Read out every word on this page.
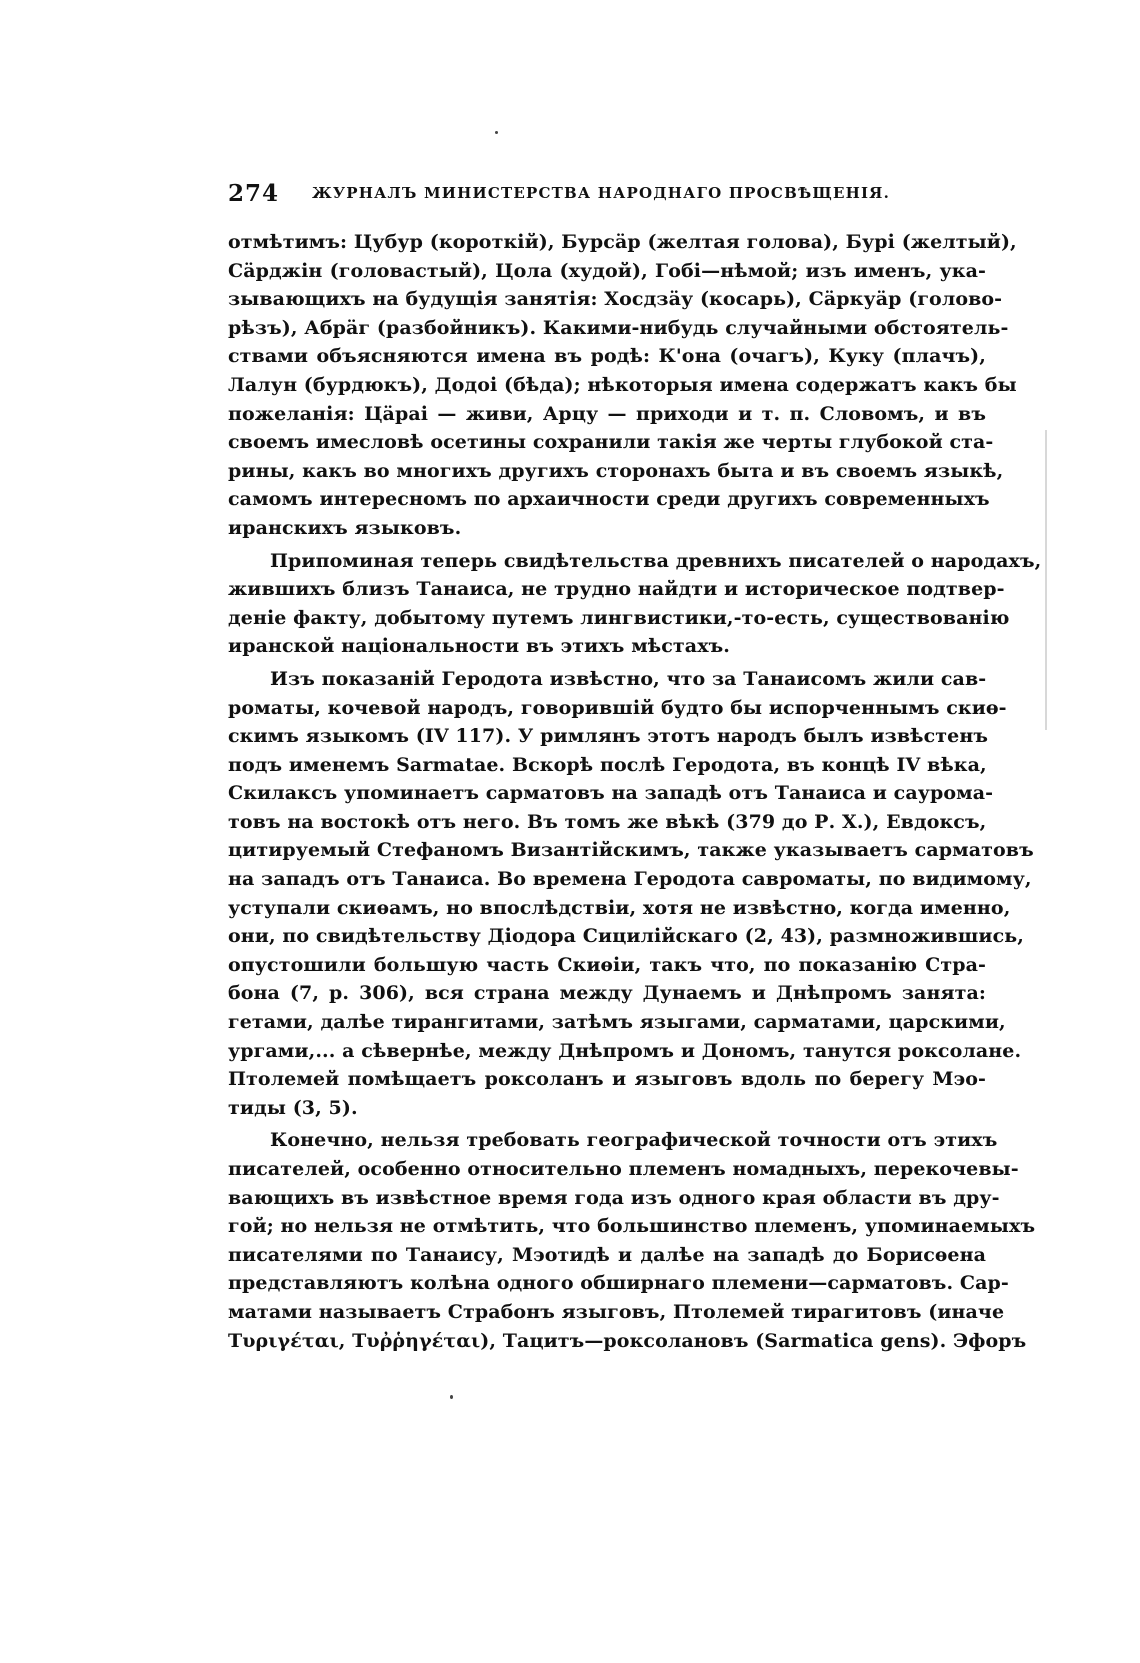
274 ЖУРНАЛЪ МИНИСТЕРСТВА НАРОДНАГО ПРОСВѢЩЕНІЯ.
отмѣтимъ: Цубур (короткій), Бурсӓр (желтая голова), Бурі (желтый),
Сӓрджін (головастый), Цола (худой), Гобі—нѣмой; изъ именъ, ука-
зывающихъ на будущія занятія: Хосдзӓу (косарь), Сӓркуӓр (голово-
рѣзъ), Абрӓг (разбойникъ). Какими-нибудь случайными обстоятель-
ствами объясняются имена въ родѣ: К'она (очагъ), Куку (плачъ),
Лалун (бурдюкъ), Додоі (бѣда); нѣкоторыя имена содержатъ какъ бы
пожеланія: Цӓраі — живи, Арцу — приходи и т. п. Словомъ, и въ
своемъ имесловѣ осетины сохранили такія же черты глубокой ста-
рины, какъ во многихъ другихъ сторонахъ быта и въ своемъ языкѣ,
самомъ интересномъ по архаичности среди другихъ современныхъ
иранскихъ языковъ.
Припоминая теперь свидѣтельства древнихъ писателей о народахъ,
жившихъ близъ Танаиса, не трудно найдти и историческое подтвер-
деніе факту, добытому путемъ лингвистики,-то-есть, существованію
иранской національности въ этихъ мѣстахъ.
Изъ показаній Геродота извѣстно, что за Танаисомъ жили сав-
роматы, кочевой народъ, говорившій будто бы испорченнымъ скиө-
скимъ языкомъ (IV 117). У римлянъ этотъ народъ былъ извѣстенъ
подъ именемъ Sarmatae. Вскорѣ послѣ Геродота, въ концѣ IV вѣка,
Скилаксъ упоминаетъ сарматовъ на западѣ отъ Танаиса и сауромa-
товъ на востокѣ отъ него. Въ томъ же вѣкѣ (379 до Р. Х.), Евдоксъ,
цитируемый Стефаномъ Византійскимъ, также указываетъ сарматовъ
на западъ отъ Танаиса. Во времена Геродота савроматы, по видимому,
уступали скиѳамъ, но впослѣдствіи, хотя не извѣстно, когда именно,
они, по свидѣтельству Діодора Сицилійскаго (2, 43), размножившись,
опустошили большую часть Скиѳіи, такъ что, по показанію Стра-
бона (7, р. 306), вся страна между Дунаемъ и Днѣпромъ занята:
гетами, далѣе тирангитами, затѣмъ языгами, сарматами, царскими,
ургами,... а сѣвернѣе, между Днѣпромъ и Дономъ, танутся роксолане.
Птолемей помѣщаетъ роксоланъ и языговъ вдоль по берегу Мэо-
тиды (3, 5).
Конечно, нельзя требовать географической точности отъ этихъ
писателей, особенно относительно племенъ номадныхъ, перекочевы-
вающихъ въ извѣстное время года изъ одного края области въ дру-
гой; но нельзя не отмѣтить, что большинство племенъ, упоминаемыхъ
писателями по Танаису, Мэотидѣ и далѣе на западѣ до Борисѳена
представляютъ колѣна одного обширнаго племени—сарматовъ. Сар-
матами называетъ Страбонъ языговъ, Птолемей тирагитовъ (иначе
Τυριγέται, Τυῤῥηγέται), Тацитъ—роксолановъ (Sarmatica gens). Эфоръ
